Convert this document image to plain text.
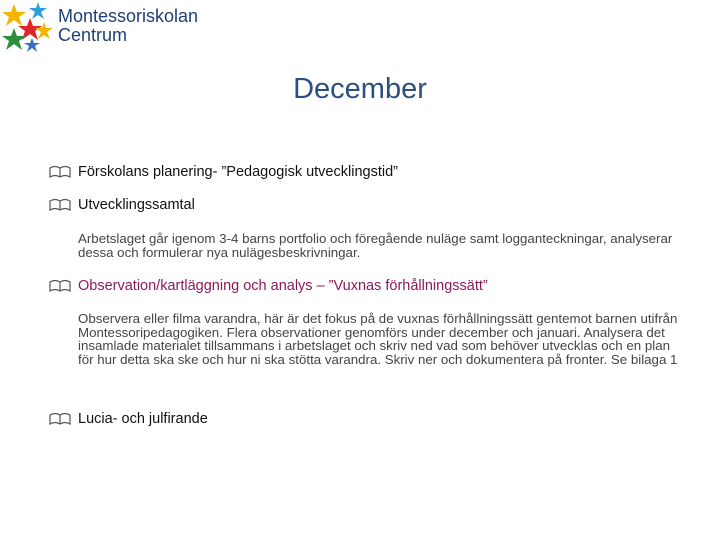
Montessoriskolan
Centrum
December
Förskolans planering- ”Pedagogisk utvecklingstid”
Utvecklingssamtal
Arbetslaget går igenom 3-4 barns portfolio och föregående nuläge samt logganteckningar, analyserar dessa och formulerar nya nulägesbeskrivningar.
Observation/kartläggning och analys – ”Vuxnas förhållningssätt”
Observera eller filma varandra, här är det fokus på de vuxnas förhållningssätt gentemot barnen utifrån Montessoripedagogiken. Flera observationer genomförs under december och januari. Analysera det insamlade materialet tillsammans i arbetslaget och skriv ned vad som behöver utvecklas och en plan för hur detta ska ske och hur ni ska stötta varandra. Skriv ner och dokumentera på fronter. Se bilaga 1
Lucia- och julfirande
